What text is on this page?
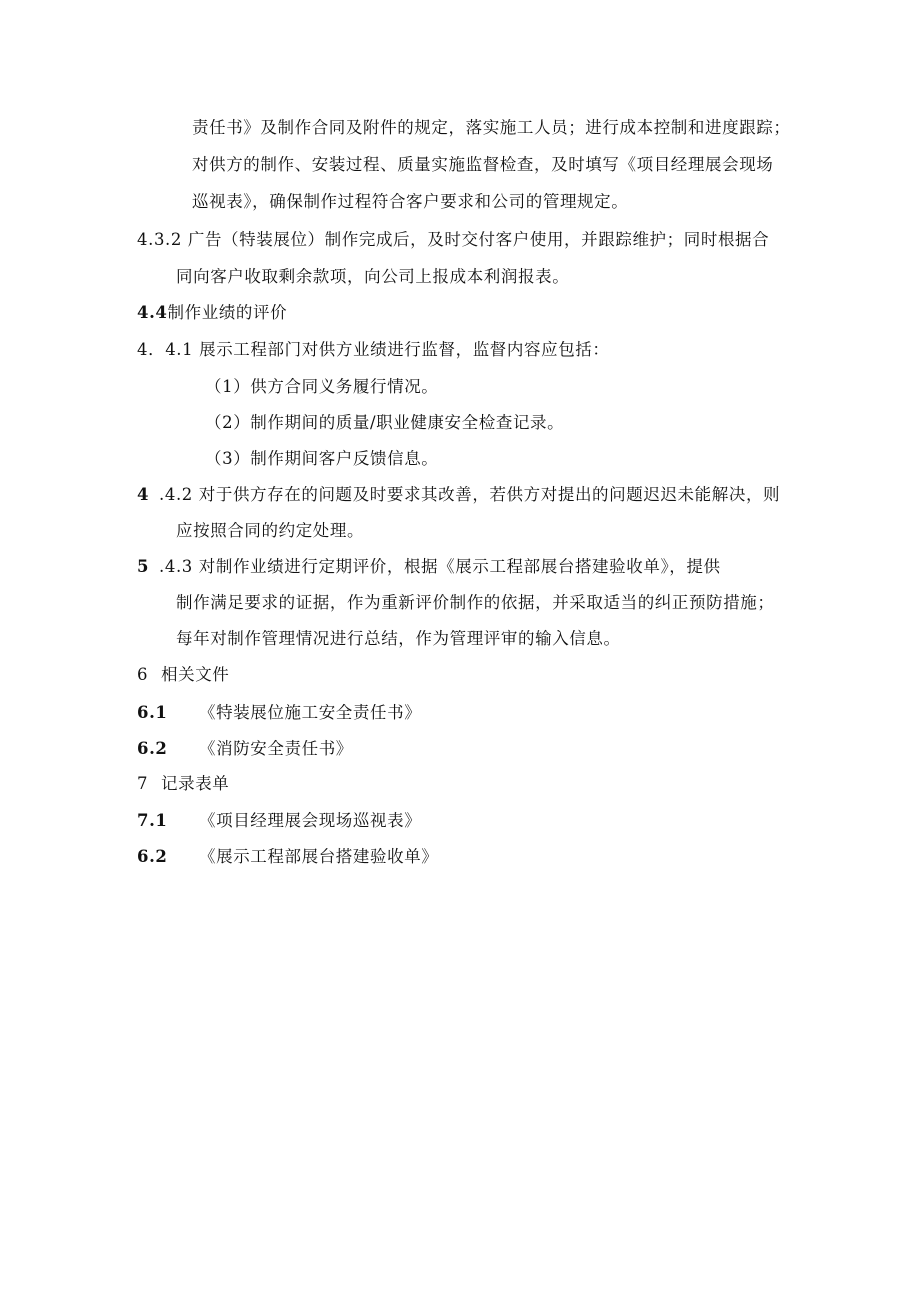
责任书》及制作合同及附件的规定，落实施工人员；进行成本控制和进度跟踪；
对供方的制作、安装过程、质量实施监督检查，及时填写《项目经理展会现场
巡视表》，确保制作过程符合客户要求和公司的管理规定。
4.3.2 广告（特装展位）制作完成后，及时交付客户使用，并跟踪维护；同时根据合
同向客户收取剩余款项，向公司上报成本利润报表。
4.4制作业绩的评价
4．4.1 展示工程部门对供方业绩进行监督，监督内容应包括：
（1）供方合同义务履行情况。
（2）制作期间的质量/职业健康安全检查记录。
（3）制作期间客户反馈信息。
4 .4.2 对于供方存在的问题及时要求其改善，若供方对提出的问题迟迟未能解决，则
应按照合同的约定处理。
5 .4.3 对制作业绩进行定期评价，根据《展示工程部展台搭建验收单》，提供
制作满足要求的证据，作为重新评价制作的依据，并采取适当的纠正预防措施；
每年对制作管理情况进行总结，作为管理评审的输入信息。
6 相关文件
6.1 《特装展位施工安全责任书》
6.2 《消防安全责任书》
7 记录表单
7.1 《项目经理展会现场巡视表》
6.2 《展示工程部展台搭建验收单》
